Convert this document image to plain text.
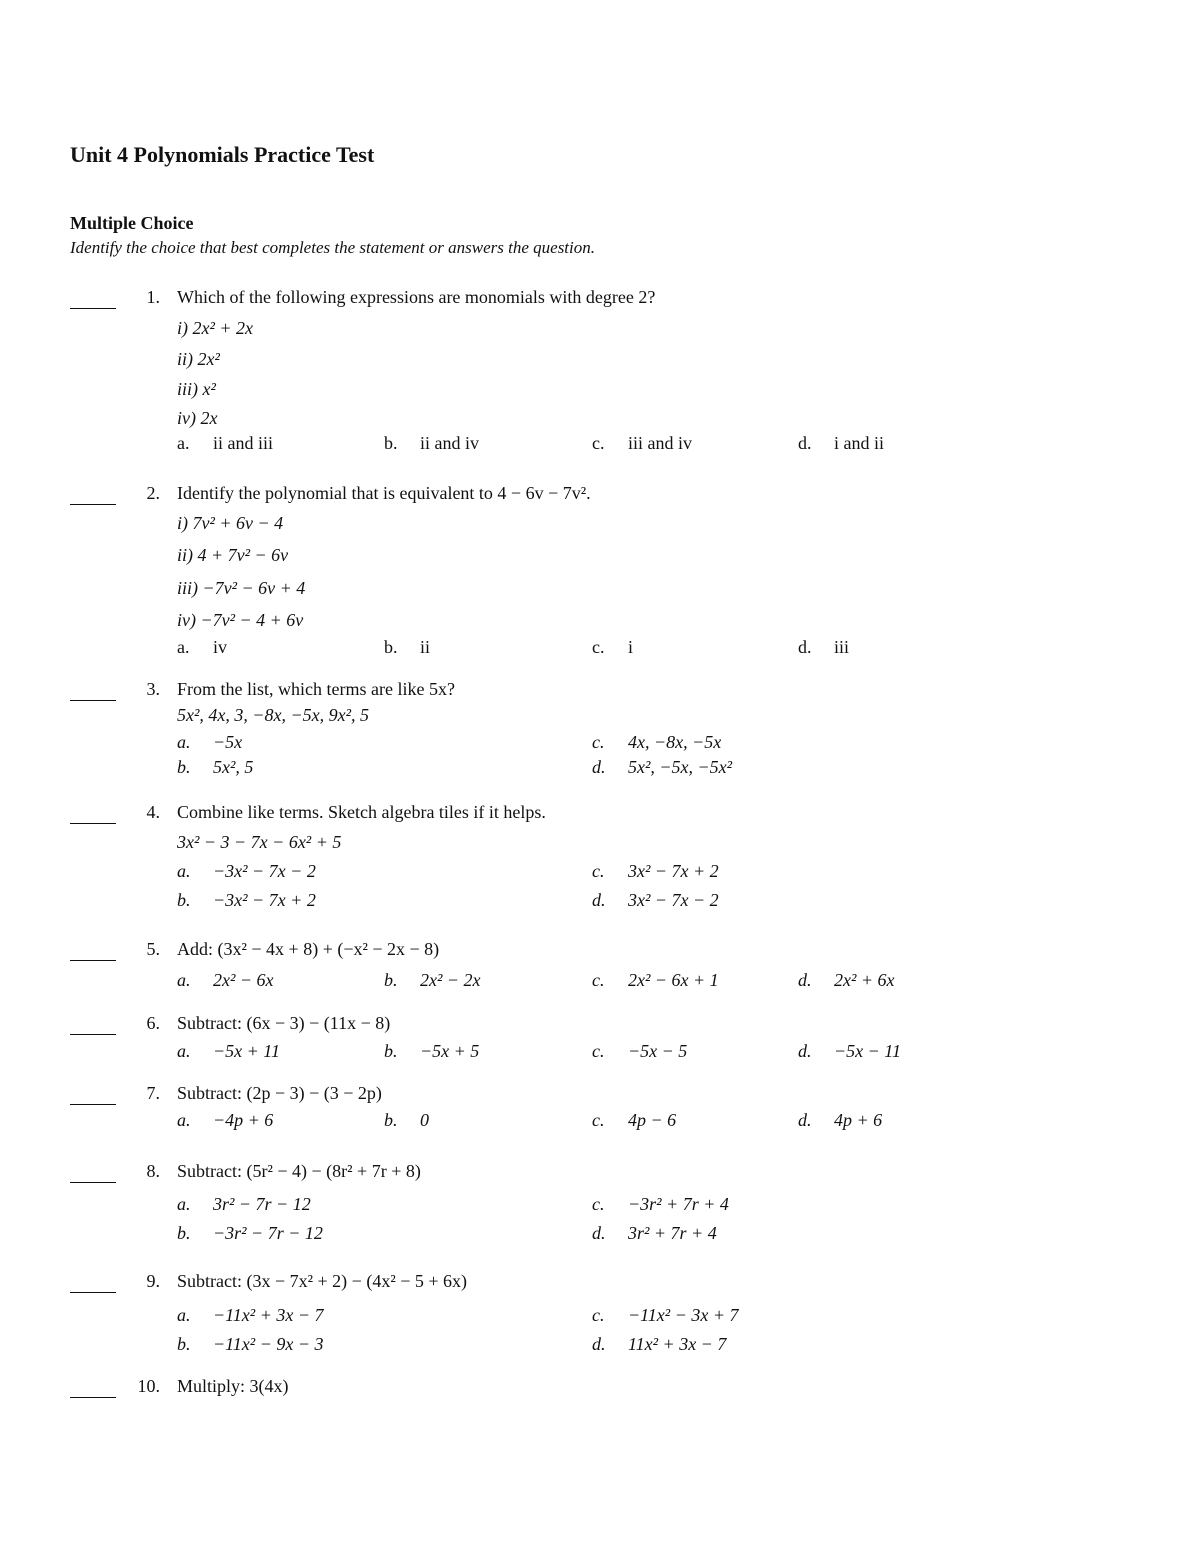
Unit 4 Polynomials Practice Test
Multiple Choice
Identify the choice that best completes the statement or answers the question.
1. Which of the following expressions are monomials with degree 2?
i) 2x² + 2x
ii) 2x²
iii) x²
iv) 2x
a. ii and iii	b. ii and iv	c. iii and iv	d. i and ii
2. Identify the polynomial that is equivalent to 4 − 6v − 7v².
i) 7v² + 6v − 4
ii) 4 + 7v² − 6v
iii) −7v² − 6v + 4
iv) −7v² − 4 + 6v
a. iv	b. ii	c. i	d. iii
3. From the list, which terms are like 5x?
5x², 4x, 3, −8x, −5x, 9x², 5
a. −5x
b. 5x², 5
c. 4x, −8x, −5x
d. 5x², −5x, −5x²
4. Combine like terms. Sketch algebra tiles if it helps.
3x² − 3 − 7x − 6x² + 5
a. −3x² − 7x − 2
b. −3x² − 7x + 2
c. 3x² − 7x + 2
d. 3x² − 7x − 2
5. Add: (3x² − 4x + 8) + (−x² − 2x − 8)
a. 2x² − 6x	b. 2x² − 2x	c. 2x² − 6x + 1	d. 2x² + 6x
6. Subtract: (6x − 3) − (11x − 8)
a. −5x + 11	b. −5x + 5	c. −5x − 5	d. −5x − 11
7. Subtract: (2p − 3) − (3 − 2p)
a. −4p + 6	b. 0	c. 4p − 6	d. 4p + 6
8. Subtract: (5r² − 4) − (8r² + 7r + 8)
a. 3r² − 7r − 12
b. −3r² − 7r − 12
c. −3r² + 7r + 4
d. 3r² + 7r + 4
9. Subtract: (3x − 7x² + 2) − (4x² − 5 + 6x)
a. −11x² + 3x − 7
b. −11x² − 9x − 3
c. −11x² − 3x + 7
d. 11x² + 3x − 7
10. Multiply: 3(4x)
